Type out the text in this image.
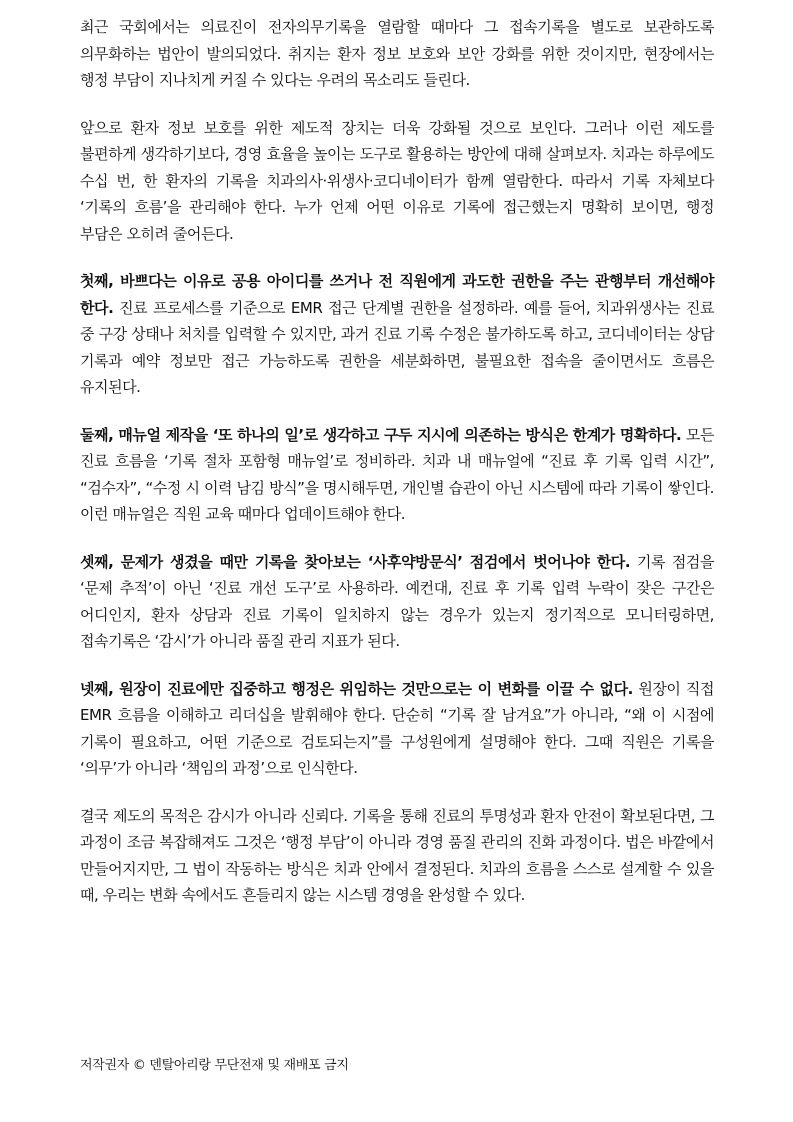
최근 국회에서는 의료진이 전자의무기록을 열람할 때마다 그 접속기록을 별도로 보관하도록 의무화하는 법안이 발의되었다. 취지는 환자 정보 보호와 보안 강화를 위한 것이지만, 현장에서는 행정 부담이 지나치게 커질 수 있다는 우려의 목소리도 들린다.

앞으로 환자 정보 보호를 위한 제도적 장치는 더욱 강화될 것으로 보인다. 그러나 이런 제도를 불편하게 생각하기보다, 경영 효율을 높이는 도구로 활용하는 방안에 대해 살펴보자. 치과는 하루에도 수십 번, 한 환자의 기록을 치과의사·위생사·코디네이터가 함께 열람한다. 따라서 기록 자체보다 ‘기록의 흐름’을 관리해야 한다. 누가 언제 어떤 이유로 기록에 접근했는지 명확히 보이면, 행정 부담은 오히려 줄어든다.

첫째, 바쁘다는 이유로 공용 아이디를 쓰거나 전 직원에게 과도한 권한을 주는 관행부터 개선해야 한다. 진료 프로세스를 기준으로 EMR 접근 단계별 권한을 설정하라. 예를 들어, 치과위생사는 진료 중 구강 상태나 처치를 입력할 수 있지만, 과거 진료 기록 수정은 불가하도록 하고, 코디네이터는 상담 기록과 예약 정보만 접근 가능하도록 권한을 세분화하면, 불필요한 접속을 줄이면서도 흐름은 유지된다.

둘째, 매뉴얼 제작을 ‘또 하나의 일’로 생각하고 구두 지시에 의존하는 방식은 한계가 명확하다. 모든 진료 흐름을 ‘기록 절차 포함형 매뉴얼’로 정비하라. 치과 내 매뉴얼에 “진료 후 기록 입력 시간”, “검수자”, “수정 시 이력 남김 방식”을 명시해두면, 개인별 습관이 아닌 시스템에 따라 기록이 쌓인다. 이런 매뉴얼은 직원 교육 때마다 업데이트해야 한다.

셋째, 문제가 생겼을 때만 기록을 찾아보는 ‘사후약방문식’ 점검에서 벗어나야 한다. 기록 점검을 ‘문제 추적’이 아닌 ‘진료 개선 도구’로 사용하라. 예컨대, 진료 후 기록 입력 누락이 잦은 구간은 어디인지, 환자 상담과 진료 기록이 일치하지 않는 경우가 있는지 정기적으로 모니터링하면, 접속기록은 ‘감시’가 아니라 품질 관리 지표가 된다.

넷째, 원장이 진료에만 집중하고 행정은 위임하는 것만으로는 이 변화를 이끌 수 없다. 원장이 직접 EMR 흐름을 이해하고 리더십을 발휘해야 한다. 단순히 “기록 잘 남겨요”가 아니라, “왜 이 시점에 기록이 필요하고, 어떤 기준으로 검토되는지”를 구성원에게 설명해야 한다. 그때 직원은 기록을 ‘의무’가 아니라 ‘책임의 과정’으로 인식한다.

결국 제도의 목적은 감시가 아니라 신뢰다. 기록을 통해 진료의 투명성과 환자 안전이 확보된다면, 그 과정이 조금 복잡해져도 그것은 ‘행정 부담’이 아니라 경영 품질 관리의 진화 과정이다. 법은 바깥에서 만들어지지만, 그 법이 작동하는 방식은 치과 안에서 결정된다. 치과의 흐름을 스스로 설계할 수 있을 때, 우리는 변화 속에서도 흔들리지 않는 시스템 경영을 완성할 수 있다.

저작권자 © 덴탈아리랑 무단전재 및 재배포 금지
